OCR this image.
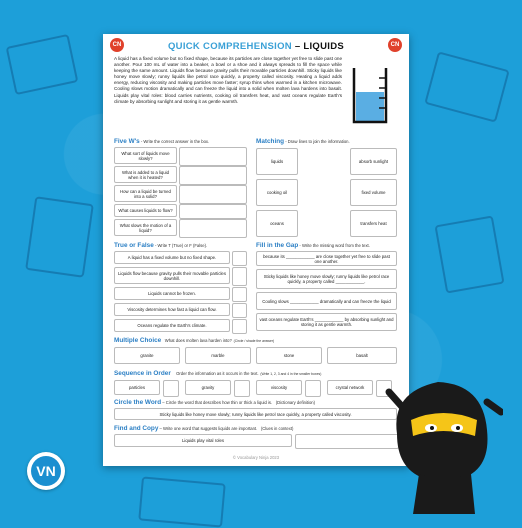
CN	CN
QUICK COMPREHENSION – LIQUIDS
A liquid has a fixed volume but no fixed shape, because its particles are close together yet free to slide past one another. Pour 100 mL of water into a beaker, a bowl or a shoe and it always spreads to fill the space while keeping the same amount. Liquids flow because gravity pulls their movable particles downhill. Sticky liquids like honey move slowly; runny liquids like petrol race quickly, a property called viscosity. Heating a liquid adds energy, reducing viscosity and making particles move faster; syrup thins when warmed in a kitchen microwave. Cooling slows motion dramatically and can freeze the liquid into a solid when molten lava hardens into basalt. Liquids play vital roles: blood carries nutrients, cooking oil transfers heat, and vast oceans regulate Earth's climate by absorbing sunlight and storing it as gentle warmth.
Five W's - Write the correct answer in the box.
What sort of liquids move slowly?
What is added to a liquid when it is heated?
How can a liquid be turned into a solid?
What causes liquids to flow?
What slows the motion of a liquid?
Matching - Draw lines to join the information.
liquids
cooking oil
oceans
absorb sunlight
fixed volume
transfers heat
True or False - Write T (True) or F (False).
A liquid has a fixed volume but no fixed shape.
Liquids flow because gravity pulls their movable particles downhill.
Liquids cannot be frozen.
Viscosity determines how fast a liquid can flow.
Oceans regulate the Earth's climate.
Fill in the Gap - Write the missing word from the text.
because its ____________ are close together yet free to slide past one another.
Sticky liquids like honey move slowly; runny liquids like petrol race quickly, a property called ____________.
Cooling slows ____________ dramatically and can freeze the liquid
vast oceans regulate Earth's ____________ by absorbing sunlight and storing it as gentle warmth.
Multiple Choice What does molten lava harden into? (Circle / shade the answer)
granite	marble	stone	basalt
Sequence in Order Order the information as it occurs in the text. (Write 1, 2, 3 and 4 in the smaller boxes)
particles	gravity	viscosity	crystal network
Circle the Word – Circle the word that describes how thin or thick a liquid is. (Dictionary definition)
Sticky liquids like honey move slowly; runny liquids like petrol race quickly, a property called viscosity.
Find and Copy – Write one word that suggests liquids are important. (Clues in context)
Liquids play vital roles
© Vocabulary Ninja 2023
VN
